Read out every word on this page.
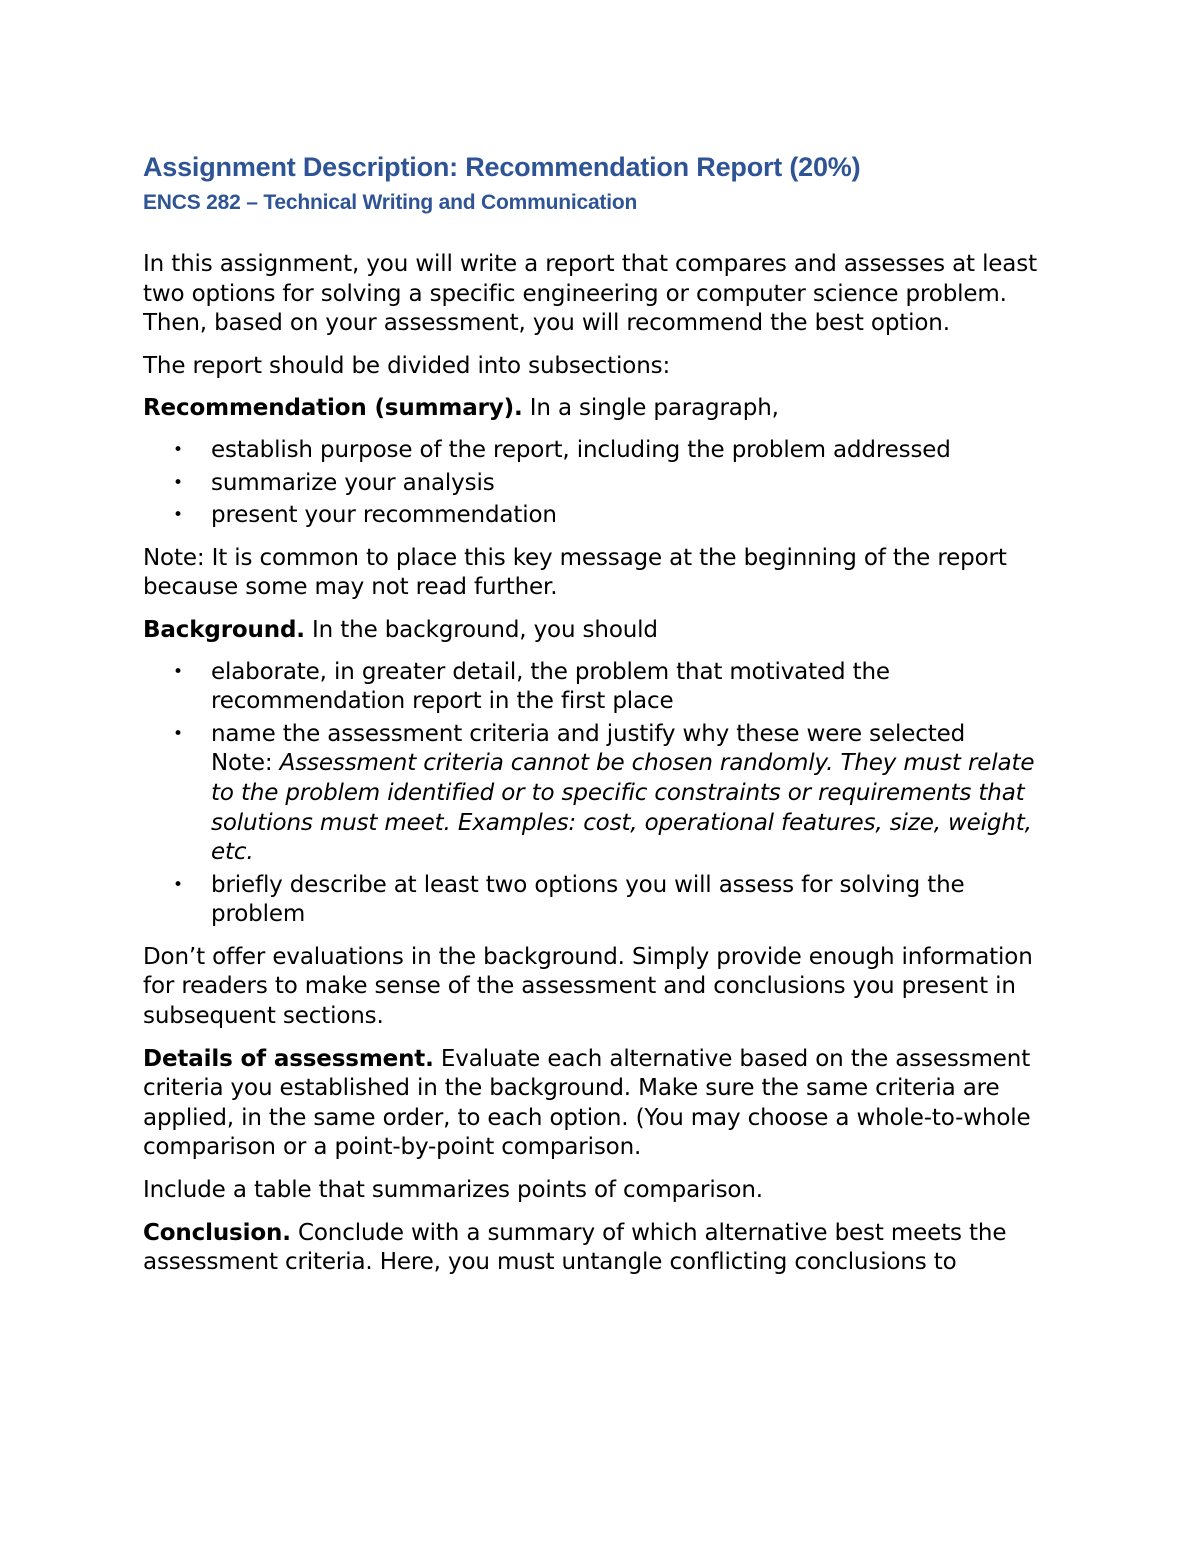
Assignment Description: Recommendation Report (20%)
ENCS 282 – Technical Writing and Communication

In this assignment, you will write a report that compares and assesses at least two options for solving a specific engineering or computer science problem. Then, based on your assessment, you will recommend the best option.

The report should be divided into subsections:

Recommendation (summary). In a single paragraph,

• establish purpose of the report, including the problem addressed
• summarize your analysis
• present your recommendation

Note: It is common to place this key message at the beginning of the report because some may not read further.

Background. In the background, you should

• elaborate, in greater detail, the problem that motivated the recommendation report in the first place
• name the assessment criteria and justify why these were selected
Note: Assessment criteria cannot be chosen randomly. They must relate to the problem identified or to specific constraints or requirements that solutions must meet. Examples: cost, operational features, size, weight, etc.
• briefly describe at least two options you will assess for solving the problem

Don’t offer evaluations in the background. Simply provide enough information for readers to make sense of the assessment and conclusions you present in subsequent sections.

Details of assessment. Evaluate each alternative based on the assessment criteria you established in the background. Make sure the same criteria are applied, in the same order, to each option. (You may choose a whole-to-whole comparison or a point-by-point comparison.

Include a table that summarizes points of comparison.

Conclusion. Conclude with a summary of which alternative best meets the assessment criteria. Here, you must untangle conflicting conclusions to
